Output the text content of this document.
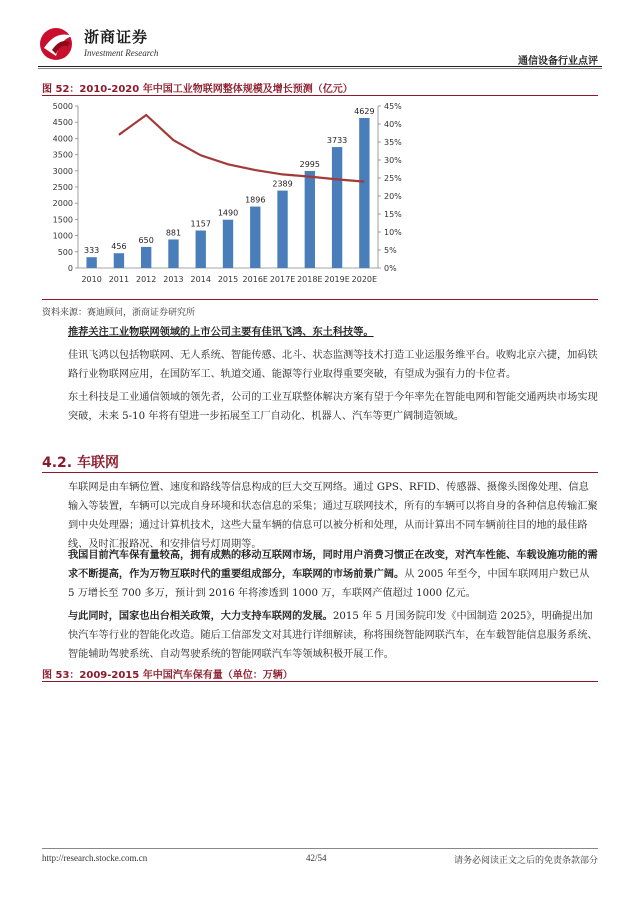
浙商证券
Investment Research
通信设备行业点评
图 52：2010-2020 年中国工业物联网整体规模及增长预测（亿元）
0
500
1000
1500
2000
2500
3000
3500
4000
4500
5000
0%
5%
10%
15%
20%
25%
30%
35%
40%
45%
333 456
650
881
1157
1490
1896
2389
2995
3733
4629
2010 2011 2012 2013 2014 2015 2016E 2017E 2018E 2019E 2020E
资料来源：赛迪顾问，浙商证券研究所
推荐关注工业物联网领域的上市公司主要有佳讯飞鸿、东土科技等。
佳讯飞鸿以包括物联网、无人系统、智能传感、北斗、状态监测等技术打造工业运服务维平台。收购北京六捷，加码铁路行业物联网应用，在国防军工、轨道交通、能源等行业取得重要突破，有望成为强有力的卡位者。
东土科技是工业通信领域的领先者，公司的工业互联整体解决方案有望于今年率先在智能电网和智能交通两块市场实现突破，未来 5-10 年将有望进一步拓展至工厂自动化、机器人、汽车等更广阔制造领域。
4.2. 车联网
车联网是由车辆位置、速度和路线等信息构成的巨大交互网络。通过 GPS、RFID、传感器、摄像头图像处理、信息输入等装置，车辆可以完成自身环境和状态信息的采集；通过互联网技术，所有的车辆可以将自身的各种信息传输汇聚到中央处理器；通过计算机技术，这些大量车辆的信息可以被分析和处理，从而计算出不同车辆前往目的地的最佳路线、及时汇报路况、和安排信号灯周期等。
我国目前汽车保有量较高，拥有成熟的移动互联网市场，同时用户消费习惯正在改变，对汽车性能、车载设施功能的需求不断提高，作为万物互联时代的重要组成部分，车联网的市场前景广阔。从 2005 年至今，中国车联网用户数已从 5 万增长至 700 多万，预计到 2016 年将渗透到 1000 万，车联网产值超过 1000 亿元。
与此同时，国家也出台相关政策，大力支持车联网的发展。2015 年 5 月国务院印发《中国制造 2025》，明确提出加快汽车等行业的智能化改造。随后工信部发文对其进行详细解读，称将围绕智能网联汽车，在车载智能信息服务系统、智能辅助驾驶系统、自动驾驶系统的智能网联汽车等领域积极开展工作。
图 53：2009-2015 年中国汽车保有量（单位：万辆）
http://research.stocke.com.cn	42/54	请务必阅读正文之后的免责条款部分
